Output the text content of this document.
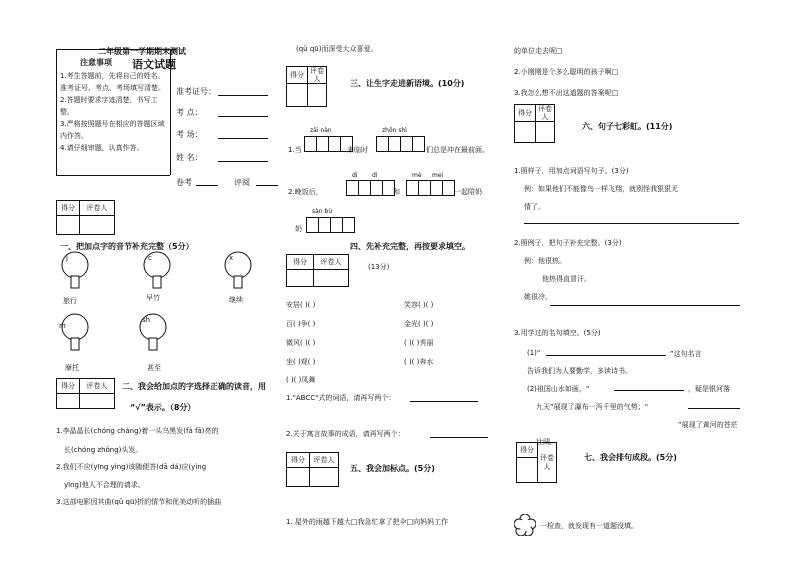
二年级第一学期期末测试
注意事项 语文试题
1.考生答题前，先将自己的姓名、准考证号、考点、考场填写清楚。
2.答题时要求字迹清楚，书写工整。
3.严格按照题号在相应的答题区域内作答。
4.请仔细审题，认真作答。
准考证号：
考 点：
考 场：
姓 名：
卷考	评阅
得分	评卷人

一、把加点字的音节补充完整（5分）
j
旅行
c
早竹
x
继续
m
摩托
sh
甚至
得分	评卷人
	二、我会给加点的字选择正确的读音，用
“√”表示。（8分）
1.李晶晶长(chóng cháng)着一头乌黑发(fà fā)亮的
长(chóng zhǒng)头发。
2.我们不应(yīng yìng)该随便答(dā dá)应(yìng
yīng)他人不合理的请求。
3.这部电影因其曲(qǔ qū)折的情节和优美动听的插曲
(qǔ qū)而深受大众喜爱。
得分	评卷人
		三、让生字走进新语境。(10分)
zāi nàn	zhōn shì
1.当	来临时	们总是冲在最前面。
dì dì	mè mei
2.晚饭后，	和	一起陪奶
sàn bù
奶
四、先补充完整，再按要求填空。
得分	评卷人

(13分)
安居( )( )	笑容( )( )
百( )争( )	金光( )( )
微风( )( )	( )( )秀丽
坐( )观( )	( )( )奔水
( )( )凤舞
1."ABCC"式的词语，请再写两个：
2.关于寓言故事的成语，请再写两个：
得分	评卷人

五、我会加标点。(5分)
1. 屋外的雨越下越大□我急忙拿了把伞□向妈妈工作
的单位走去呢□
2.小刚刚是个多么聪明的孩子啊□
3.我怎么想不出这道题的答案呢□
得分	评卷人

六、句子七彩虹。(11分)
1.照样子，用加点词语写句子。(3分)
例：如果他们不能像鸟一样飞翔，就别怪我狠狠无
情了。
2.照例子，把句子补充完整。(3分)
例：他很热。
他热得直冒汗。
姚很冷。
3.用学过的名句填空。(5分)
(1)“	”这句名言
告诉我们为人要勤学，多读诗书。
(2)祖国山水如画，“	，疑是银河落
九天”展现了瀑布一泻千里的气势；“
”展现了黄河的苍茫
壮阔。
得分	评卷人

七、我会排句成段。(5分)
一检查，就发现有一道题没填。
